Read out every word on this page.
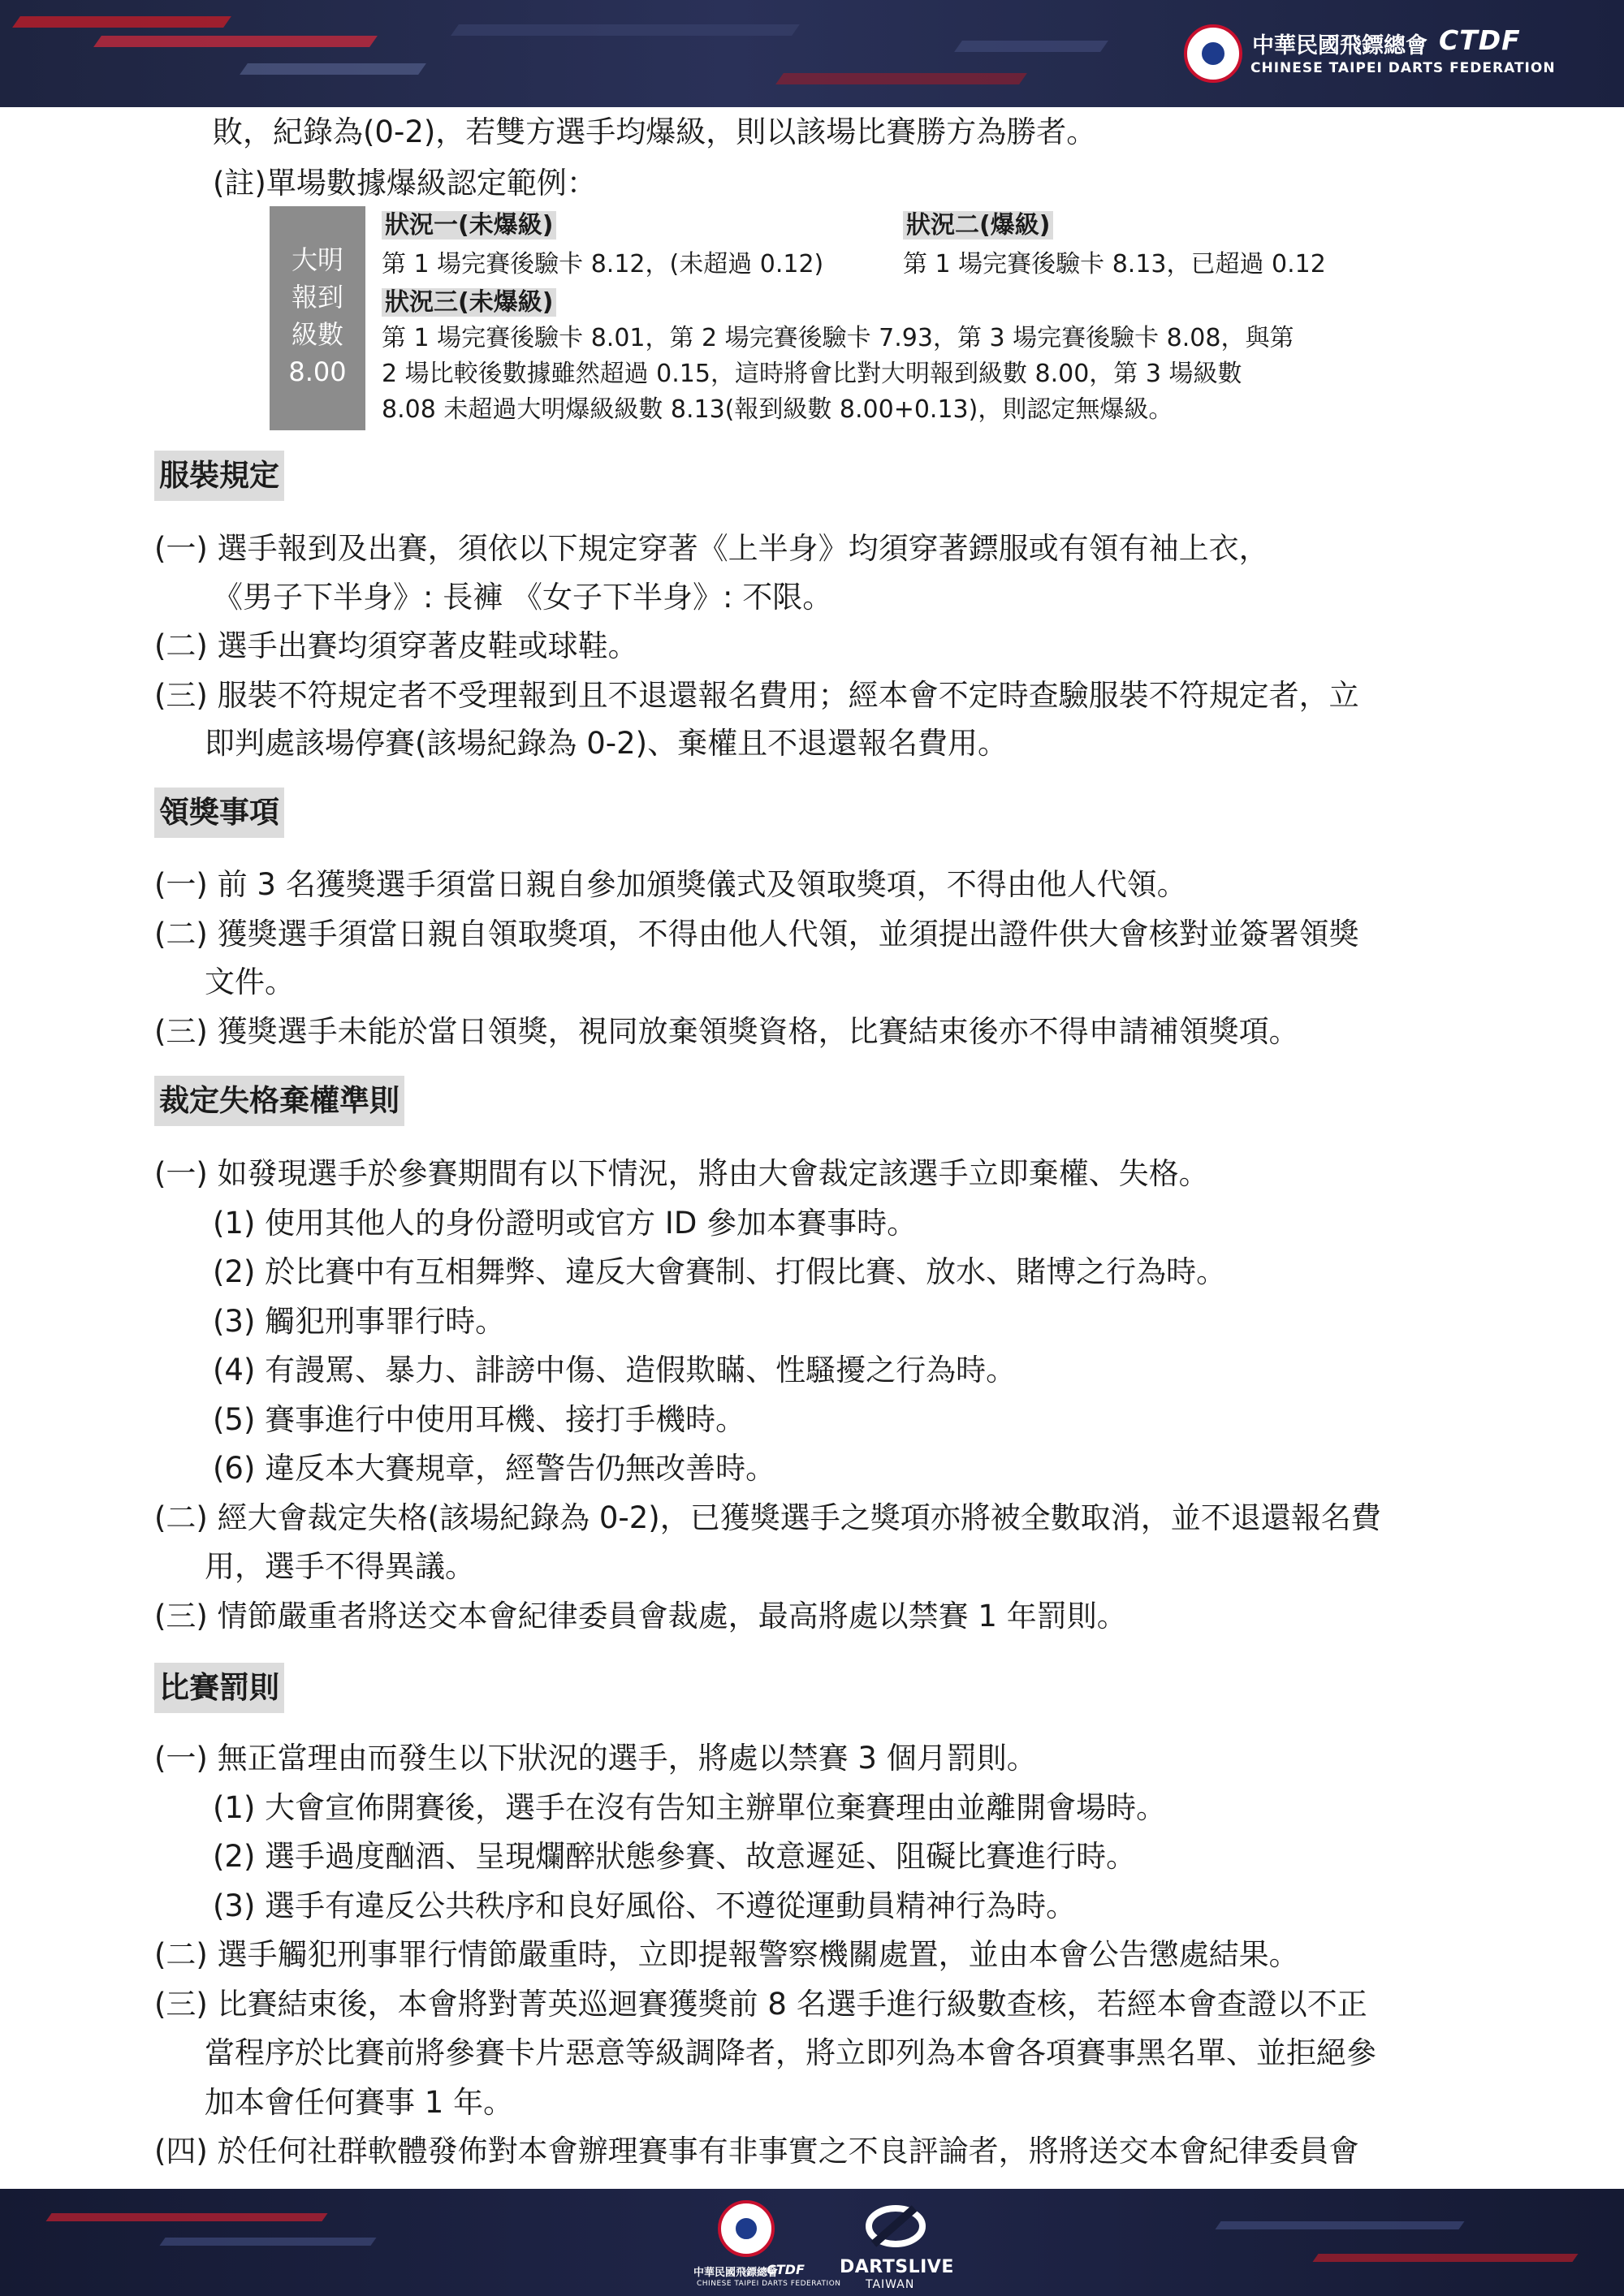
中華民國飛鏢總會 CTDF
CHINESE TAIPEI DARTS FEDERATION
敗，紀錄為(0-2)，若雙方選手均爆級，則以該場比賽勝方為勝者。
(註)單場數據爆級認定範例：
大明
報到
級數
8.00
狀況一(未爆級)	狀況二(爆級)
第 1 場完賽後驗卡 8.12，(未超過 0.12)	第 1 場完賽後驗卡 8.13，已超過 0.12
狀況三(未爆級)
第 1 場完賽後驗卡 8.01，第 2 場完賽後驗卡 7.93，第 3 場完賽後驗卡 8.08，與第
2 場比較後數據雖然超過 0.15，這時將會比對大明報到級數 8.00，第 3 場級數
8.08 未超過大明爆級級數 8.13(報到級數 8.00+0.13)，則認定無爆級。
服裝規定
(一) 選手報到及出賽，須依以下規定穿著《上半身》均須穿著鏢服或有領有袖上衣，
《男子下半身》: 長褲 《女子下半身》: 不限。
(二) 選手出賽均須穿著皮鞋或球鞋。
(三) 服裝不符規定者不受理報到且不退還報名費用；經本會不定時查驗服裝不符規定者，立
即判處該場停賽(該場紀錄為 0-2)、棄權且不退還報名費用。
領獎事項
(一) 前 3 名獲獎選手須當日親自參加頒獎儀式及領取獎項，不得由他人代領。
(二) 獲獎選手須當日親自領取獎項，不得由他人代領，並須提出證件供大會核對並簽署領獎
文件。
(三) 獲獎選手未能於當日領獎，視同放棄領獎資格，比賽結束後亦不得申請補領獎項。
裁定失格棄權準則
(一) 如發現選手於參賽期間有以下情況，將由大會裁定該選手立即棄權、失格。
(1) 使用其他人的身份證明或官方 ID 參加本賽事時。
(2) 於比賽中有互相舞弊、違反大會賽制、打假比賽、放水、賭博之行為時。
(3) 觸犯刑事罪行時。
(4) 有謾罵、暴力、誹謗中傷、造假欺瞞、性騷擾之行為時。
(5) 賽事進行中使用耳機、接打手機時。
(6) 違反本大賽規章，經警告仍無改善時。
(二) 經大會裁定失格(該場紀錄為 0-2)，已獲獎選手之獎項亦將被全數取消，並不退還報名費
用，選手不得異議。
(三) 情節嚴重者將送交本會紀律委員會裁處，最高將處以禁賽 1 年罰則。
比賽罰則
(一) 無正當理由而發生以下狀況的選手，將處以禁賽 3 個月罰則。
(1) 大會宣佈開賽後，選手在沒有告知主辦單位棄賽理由並離開會場時。
(2) 選手過度酗酒、呈現爛醉狀態參賽、故意遲延、阻礙比賽進行時。
(3) 選手有違反公共秩序和良好風俗、不遵從運動員精神行為時。
(二) 選手觸犯刑事罪行情節嚴重時，立即提報警察機關處置，並由本會公告懲處結果。
(三) 比賽結束後，本會將對菁英巡迴賽獲獎前 8 名選手進行級數查核，若經本會查證以不正
當程序於比賽前將參賽卡片惡意等級調降者，將立即列為本會各項賽事黑名單、並拒絕參
加本會任何賽事 1 年。
(四) 於任何社群軟體發佈對本會辦理賽事有非事實之不良評論者，將將送交本會紀律委員會
中華民國飛鏢總會
CTDF
CHINESE TAIPEI DARTS FEDERATION
DARTSLIVE
TAIWAN
